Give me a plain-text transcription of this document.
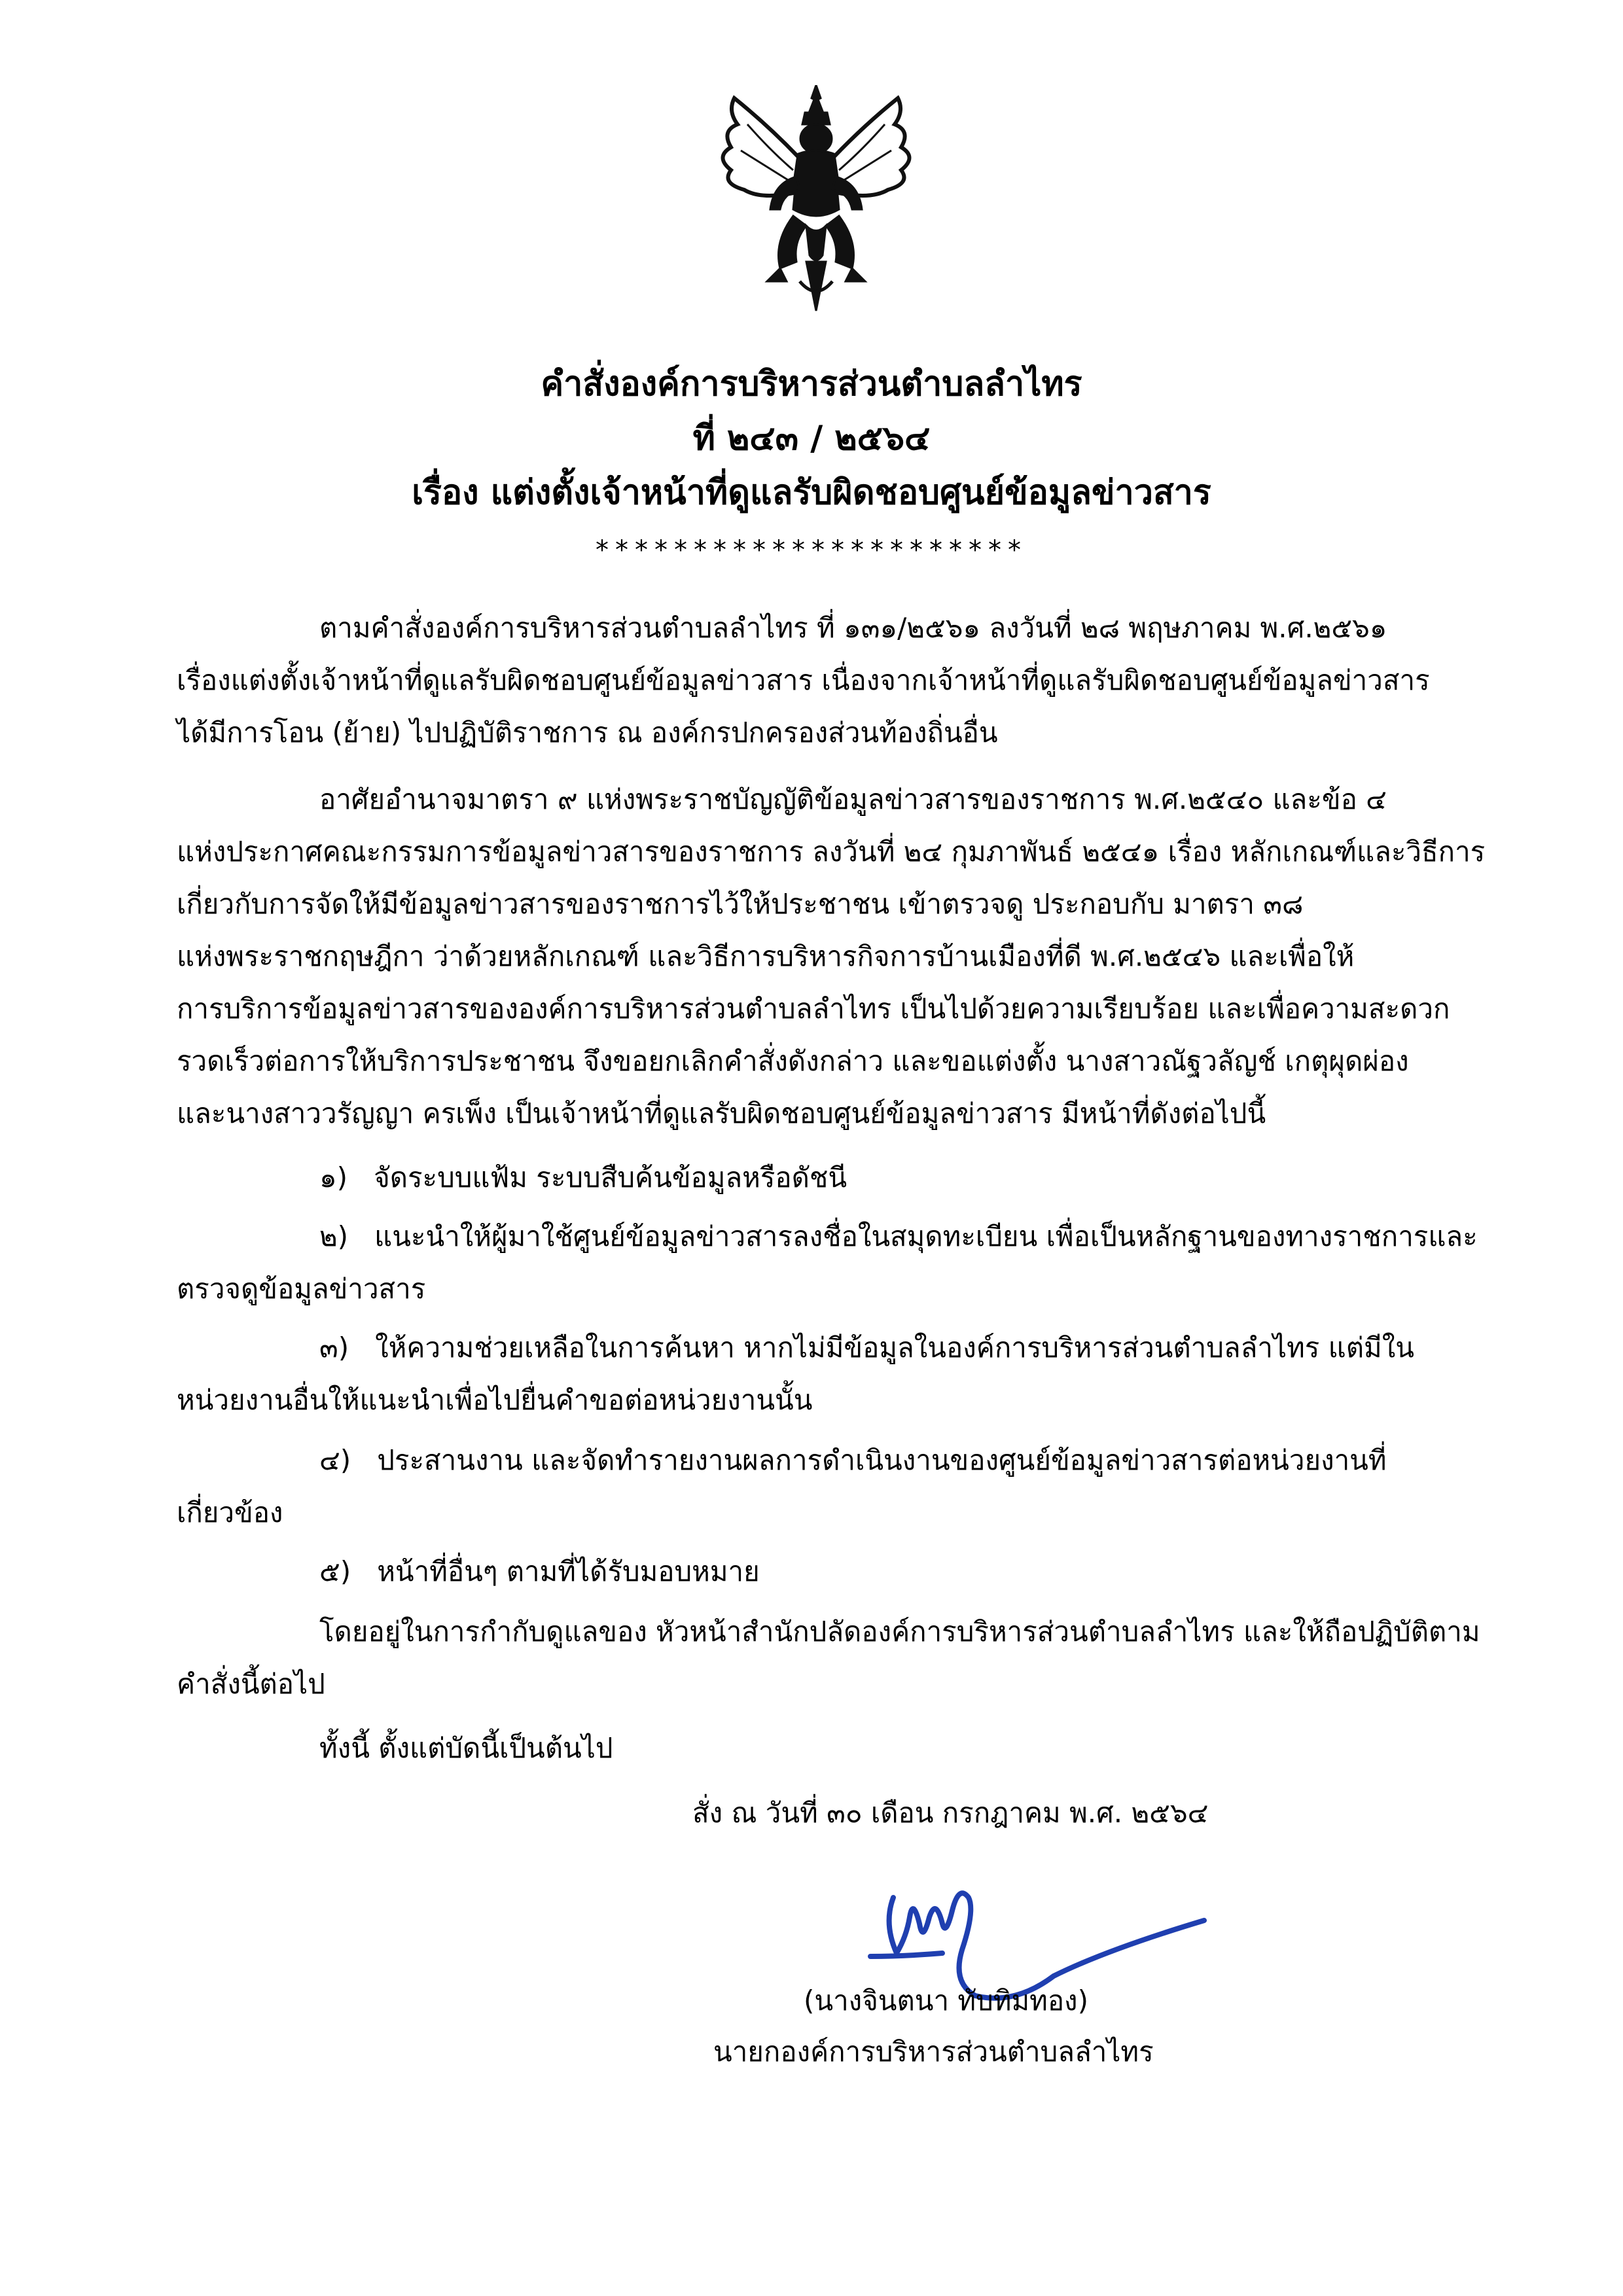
คำสั่งองค์การบริหารส่วนตำบลลำไทร
ที่ ๒๔๓ / ๒๕๖๔
เรื่อง แต่งตั้งเจ้าหน้าที่ดูแลรับผิดชอบศูนย์ข้อมูลข่าวสาร
**********************
ตามคำสั่งองค์การบริหารส่วนตำบลลำไทร ที่ ๑๓๑/๒๕๖๑ ลงวันที่ ๒๘ พฤษภาคม พ.ศ.๒๕๖๑
เรื่องแต่งตั้งเจ้าหน้าที่ดูแลรับผิดชอบศูนย์ข้อมูลข่าวสาร เนื่องจากเจ้าหน้าที่ดูแลรับผิดชอบศูนย์ข้อมูลข่าวสาร
ได้มีการโอน (ย้าย) ไปปฏิบัติราชการ ณ องค์กรปกครองส่วนท้องถิ่นอื่น
อาศัยอำนาจมาตรา ๙ แห่งพระราชบัญญัติข้อมูลข่าวสารของราชการ พ.ศ.๒๕๔๐ และข้อ ๔
แห่งประกาศคณะกรรมการข้อมูลข่าวสารของราชการ ลงวันที่ ๒๔ กุมภาพันธ์ ๒๕๔๑ เรื่อง หลักเกณฑ์และวิธีการ
เกี่ยวกับการจัดให้มีข้อมูลข่าวสารของราชการไว้ให้ประชาชน เข้าตรวจดู ประกอบกับ มาตรา ๓๘
แห่งพระราชกฤษฎีกา ว่าด้วยหลักเกณฑ์ และวิธีการบริหารกิจการบ้านเมืองที่ดี พ.ศ.๒๕๔๖ และเพื่อให้
การบริการข้อมูลข่าวสารขององค์การบริหารส่วนตำบลลำไทร เป็นไปด้วยความเรียบร้อย และเพื่อความสะดวก
รวดเร็วต่อการให้บริการประชาชน จึงขอยกเลิกคำสั่งดังกล่าว และขอแต่งตั้ง นางสาวณัฐวลัญช์ เกตุผุดผ่อง
และนางสาววรัญญา ครเพ็ง เป็นเจ้าหน้าที่ดูแลรับผิดชอบศูนย์ข้อมูลข่าวสาร มีหน้าที่ดังต่อไปนี้
๑) จัดระบบแฟ้ม ระบบสืบค้นข้อมูลหรือดัชนี
๒) แนะนำให้ผู้มาใช้ศูนย์ข้อมูลข่าวสารลงชื่อในสมุดทะเบียน เพื่อเป็นหลักฐานของทางราชการและ
ตรวจดูข้อมูลข่าวสาร
๓) ให้ความช่วยเหลือในการค้นหา หากไม่มีข้อมูลในองค์การบริหารส่วนตำบลลำไทร แต่มีใน
หน่วยงานอื่นให้แนะนำเพื่อไปยื่นคำขอต่อหน่วยงานนั้น
๔) ประสานงาน และจัดทำรายงานผลการดำเนินงานของศูนย์ข้อมูลข่าวสารต่อหน่วยงานที่
เกี่ยวข้อง
๕) หน้าที่อื่นๆ ตามที่ได้รับมอบหมาย
โดยอยู่ในการกำกับดูแลของ หัวหน้าสำนักปลัดองค์การบริหารส่วนตำบลลำไทร และให้ถือปฏิบัติตาม
คำสั่งนี้ต่อไป
ทั้งนี้ ตั้งแต่บัดนี้เป็นต้นไป
สั่ง ณ วันที่ ๓๐ เดือน กรกฎาคม พ.ศ. ๒๕๖๔
(นางจินตนา ทับทิมทอง)
นายกองค์การบริหารส่วนตำบลลำไทร
